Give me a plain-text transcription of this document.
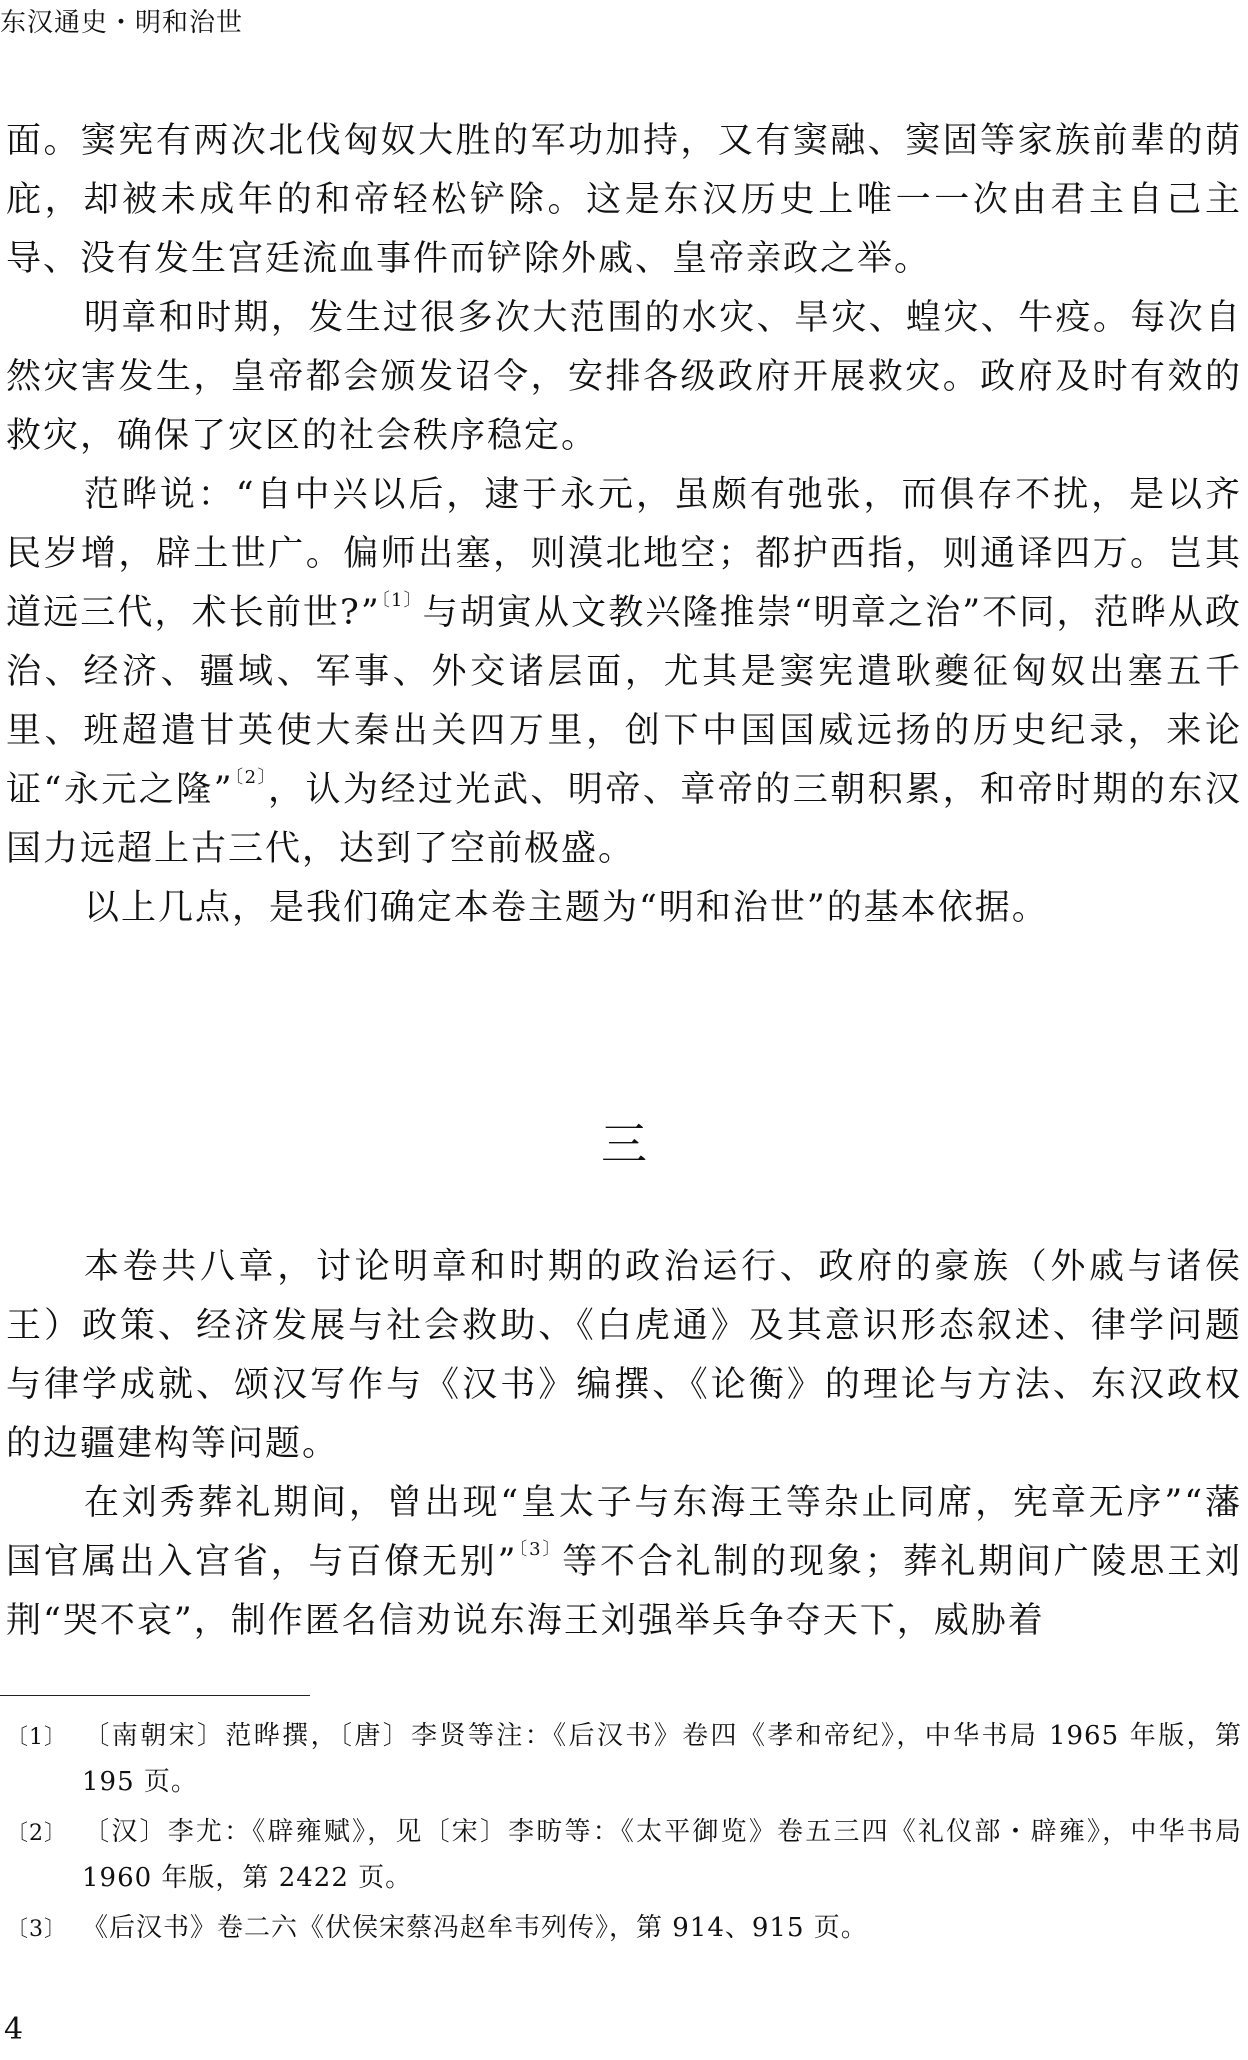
东汉通史・明和治世

面。窦宪有两次北伐匈奴大胜的军功加持，又有窦融、窦固等家族前辈的荫庇，却被未成年的和帝轻松铲除。这是东汉历史上唯一一次由君主自己主导、没有发生宫廷流血事件而铲除外戚、皇帝亲政之举。

明章和时期，发生过很多次大范围的水灾、旱灾、蝗灾、牛疫。每次自然灾害发生，皇帝都会颁发诏令，安排各级政府开展救灾。政府及时有效的救灾，确保了灾区的社会秩序稳定。

范晔说：“自中兴以后，逮于永元，虽颇有弛张，而俱存不扰，是以齐民岁增，辟土世广。偏师出塞，则漠北地空；都护西指，则通译四万。岂其道远三代，术长前世?”$^{〔1〕}$与胡寅从文教兴隆推崇“明章之治”不同，范晔从政治、经济、疆域、军事、外交诸层面，尤其是窦宪遣耿夔征匈奴出塞五千里、班超遣甘英使大秦出关四万里，创下中国国威远扬的历史纪录，来论证“永元之隆”$^{〔2〕}$，认为经过光武、明帝、章帝的三朝积累，和帝时期的东汉国力远超上古三代，达到了空前极盛。

以上几点，是我们确定本卷主题为“明和治世”的基本依据。

三

本卷共八章，讨论明章和时期的政治运行、政府的豪族（外戚与诸侯王）政策、经济发展与社会救助、《白虎通》及其意识形态叙述、律学问题与律学成就、颂汉写作与《汉书》编撰、《论衡》的理论与方法、东汉政权的边疆建构等问题。

在刘秀葬礼期间，曾出现“皇太子与东海王等杂止同席，宪章无序”“藩国官属出入宫省，与百僚无别”$^{〔3〕}$等不合礼制的现象；葬礼期间广陵思王刘荆“哭不哀”，制作匿名信劝说东海王刘强举兵争夺天下，威胁着

〔1〕 〔南朝宋〕范晔撰，〔唐〕李贤等注：《后汉书》卷四《孝和帝纪》，中华书局 1965 年版，第 195 页。

〔2〕 〔汉〕李尤：《辟雍赋》，见〔宋〕李昉等：《太平御览》卷五三四《礼仪部・辟雍》，中华书局 1960 年版，第 2422 页。

〔3〕 《后汉书》卷二六《伏侯宋蔡冯赵牟韦列传》，第 914、915 页。

4
